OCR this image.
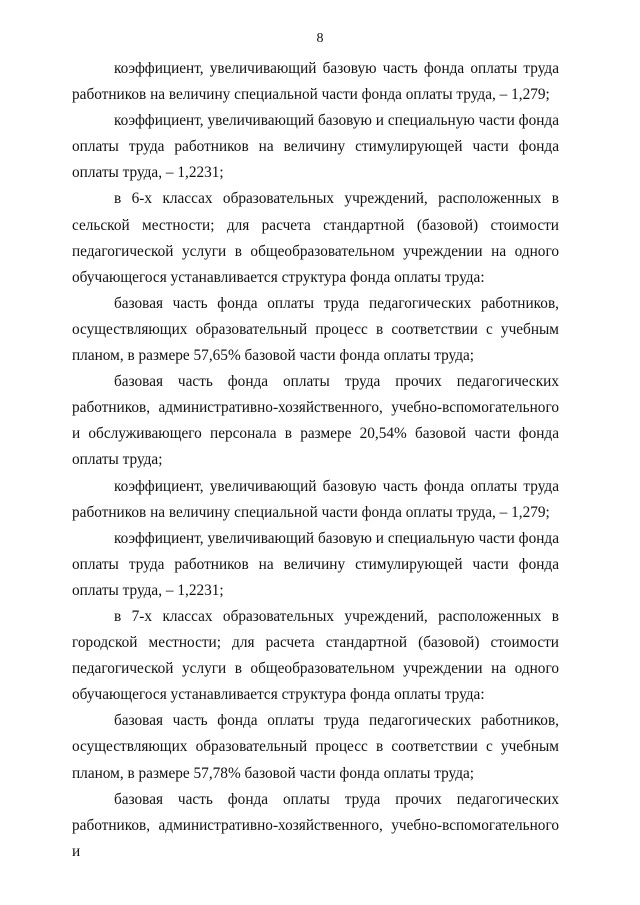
8

коэффициент, увеличивающий базовую часть фонда оплаты труда работников на величину специальной части фонда оплаты труда, – 1,279;

коэффициент, увеличивающий базовую и специальную части фонда оплаты труда работников на величину стимулирующей части фонда оплаты труда, – 1,2231;

в 6-х классах образовательных учреждений, расположенных в сельской местности; для расчета стандартной (базовой) стоимости педагогической услуги в общеобразовательном учреждении на одного обучающегося устанавливается структура фонда оплаты труда:

базовая часть фонда оплаты труда педагогических работников, осуществляющих образовательный процесс в соответствии с учебным планом, в размере 57,65% базовой части фонда оплаты труда;

базовая часть фонда оплаты труда прочих педагогических работников, административно-хозяйственного, учебно-вспомогательного и обслуживающего персонала в размере 20,54% базовой части фонда оплаты труда;

коэффициент, увеличивающий базовую часть фонда оплаты труда работников на величину специальной части фонда оплаты труда, – 1,279;

коэффициент, увеличивающий базовую и специальную части фонда оплаты труда работников на величину стимулирующей части фонда оплаты труда, – 1,2231;

в 7-х классах образовательных учреждений, расположенных в городской местности; для расчета стандартной (базовой) стоимости педагогической услуги в общеобразовательном учреждении на одного обучающегося устанавливается структура фонда оплаты труда:

базовая часть фонда оплаты труда педагогических работников, осуществляющих образовательный процесс в соответствии с учебным планом, в размере 57,78% базовой части фонда оплаты труда;

базовая часть фонда оплаты труда прочих педагогических работников, административно-хозяйственного, учебно-вспомогательного и
